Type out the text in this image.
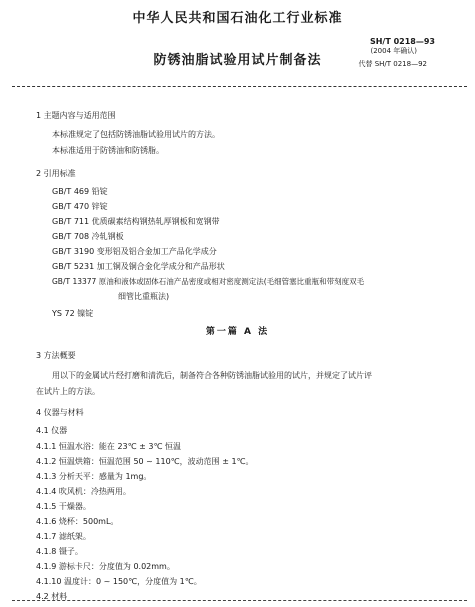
中华人民共和国石油化工行业标准
SH/T 0218—93
(2004 年确认)
防锈油脂试验用试片制备法	代替 SH/T 0218—92
1 主题内容与适用范围
本标准规定了包括防锈油脂试验用试片的方法。
本标准适用于防锈油和防锈脂。
2 引用标准
GB/T 469 铅锭
GB/T 470 锌锭
GB/T 711 优质碳素结构钢热轧厚钢板和宽钢带
GB/T 708 冷轧钢板
GB/T 3190 变形铝及铝合金加工产品化学成分
GB/T 5231 加工铜及铜合金化学成分和产品形状
GB/T 13377 原油和液体或固体石油产品密度或相对密度测定法(毛细管塞比重瓶和带刻度双毛
细管比重瓶法)
YS 72 镍锭
第一篇 A 法
3 方法概要
用以下的金属试片经打磨和清洗后，制备符合各种防锈油脂试验用的试片，并规定了试片评
在试片上的方法。
4 仪器与材料
4.1 仪器
4.1.1 恒温水浴：能在 23℃ ± 3℃ 恒温
4.1.2 恒温烘箱：恒温范围 50 ~ 110℃，波动范围 ± 1℃。
4.1.3 分析天平：感量为 1mg。
4.1.4 吹风机：冷热两用。
4.1.5 干燥器。
4.1.6 烧杯：500mL。
4.1.7 滤纸架。
4.1.8 镊子。
4.1.9 游标卡尺：分度值为 0.02mm。
4.1.10 温度计：0 ~ 150℃，分度值为 1℃。
4.2 材料
